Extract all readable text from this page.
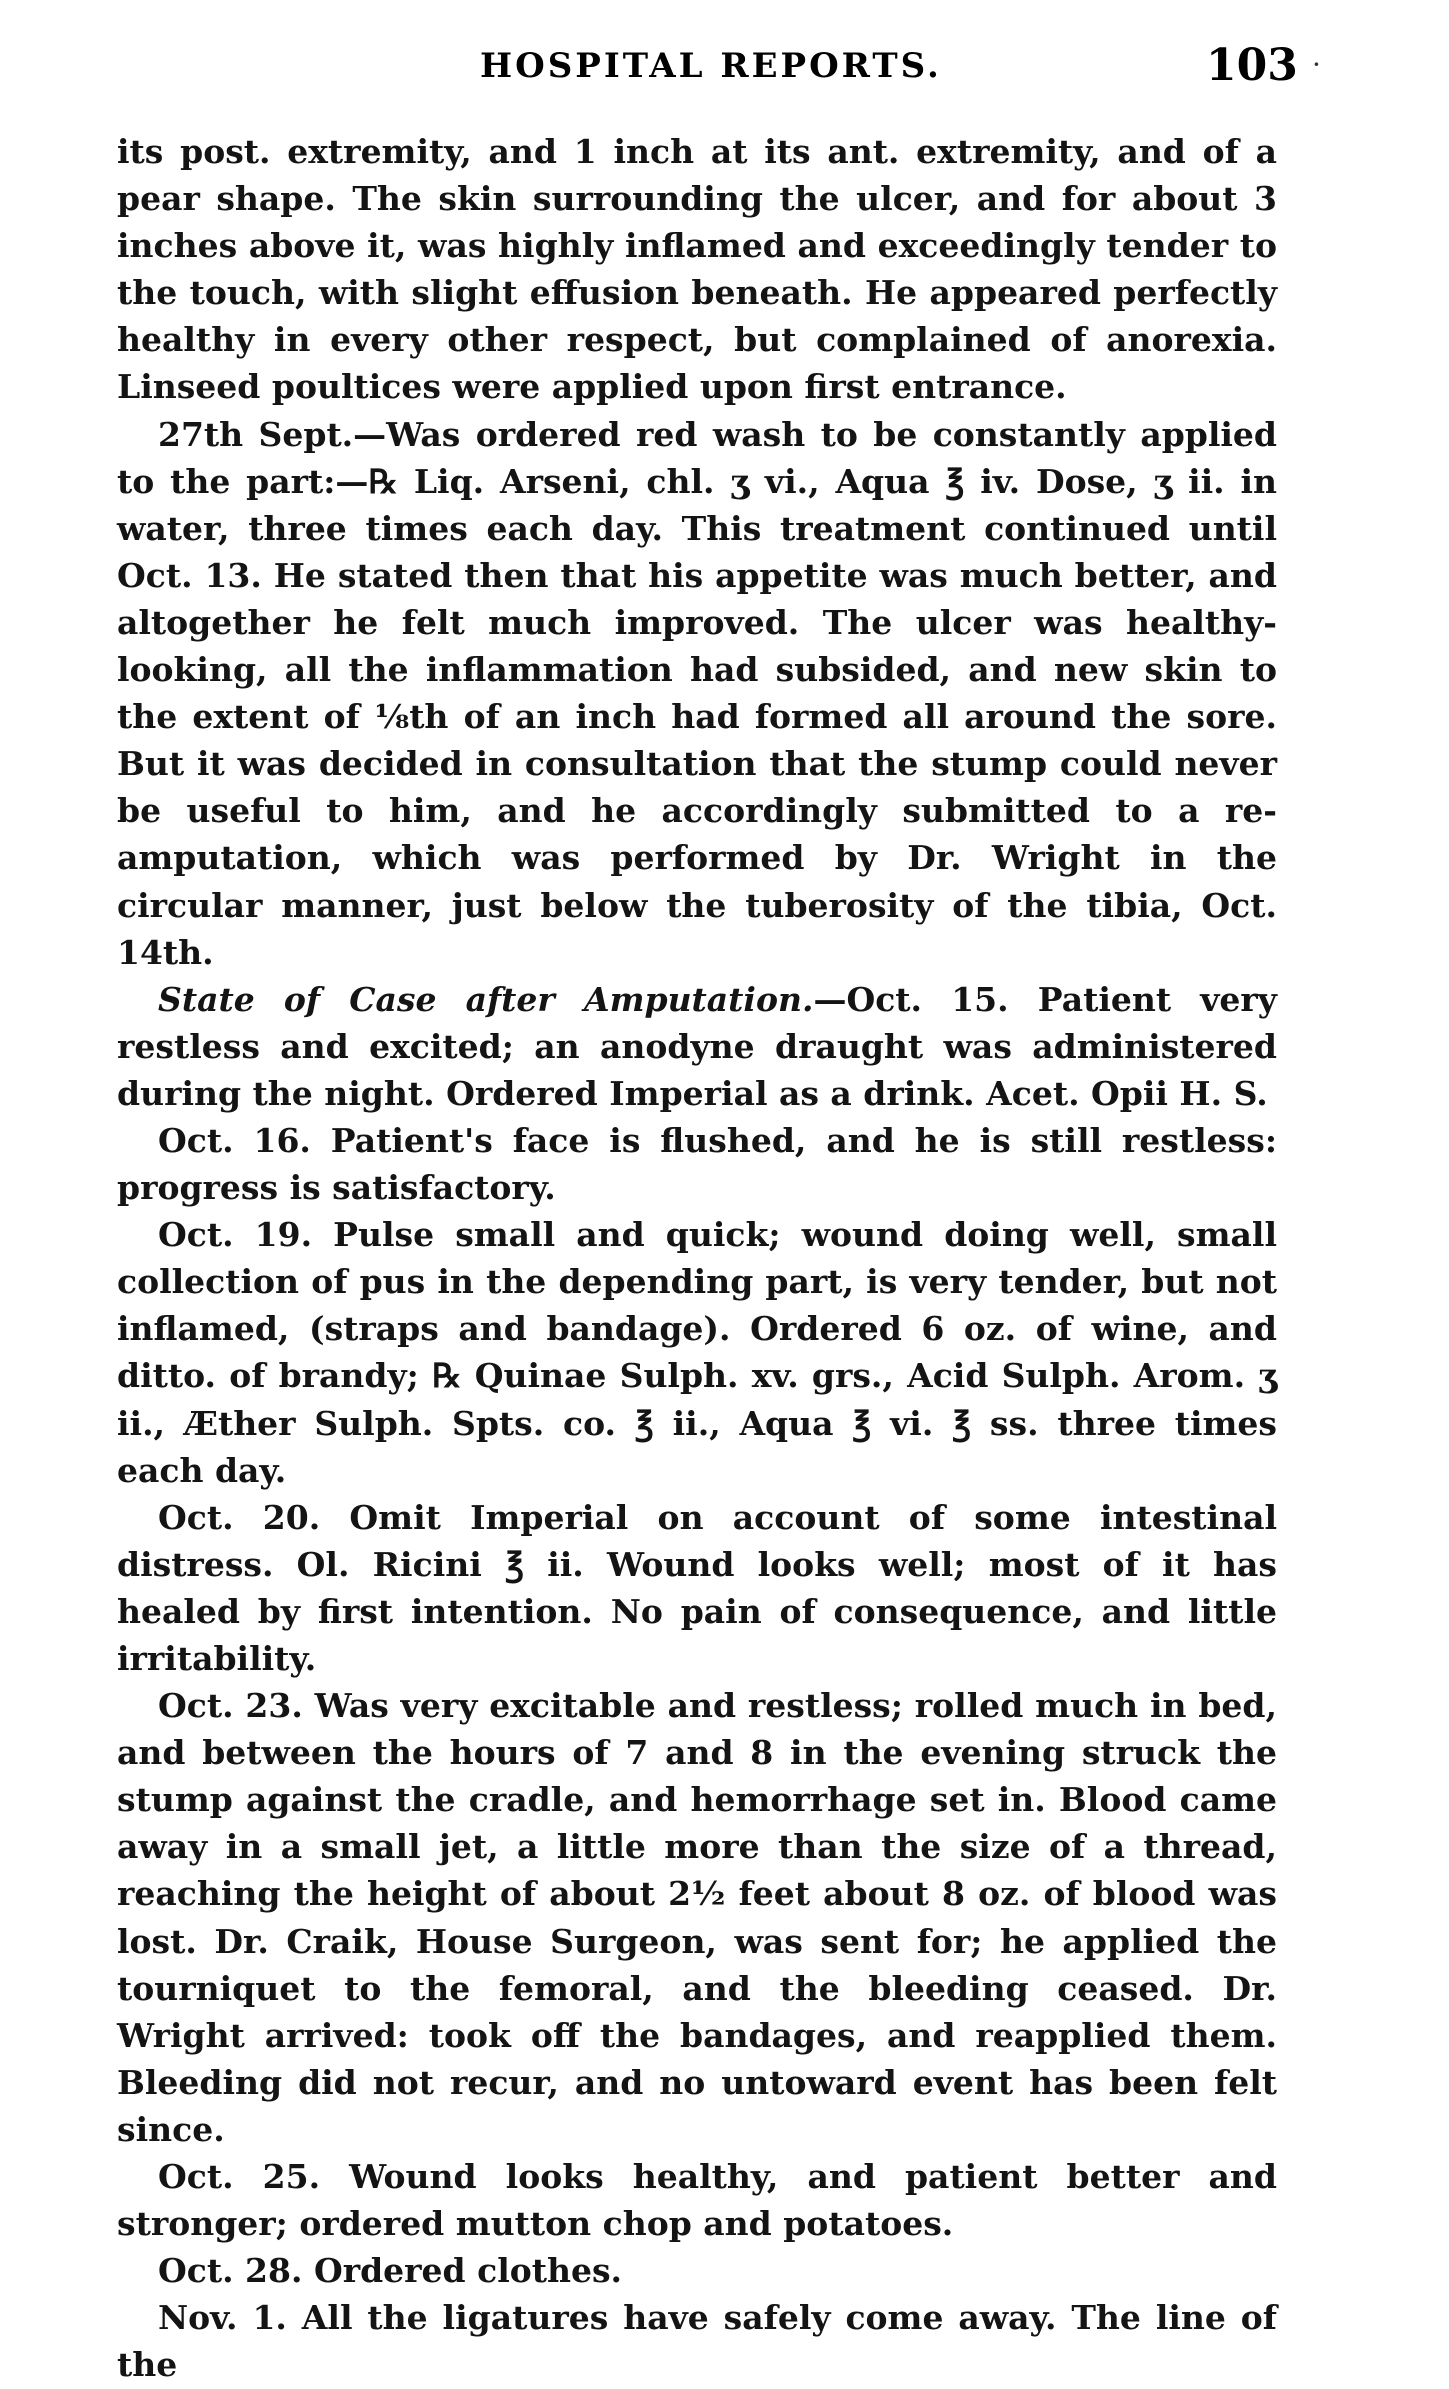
HOSPITAL REPORTS.	103 ·

its post. extremity, and 1 inch at its ant. extremity, and of a pear shape. The skin surrounding the ulcer, and for about 3 inches above it, was highly inflamed and exceedingly tender to the touch, with slight effusion beneath. He appeared perfectly healthy in every other respect, but complained of anorexia. Linseed poultices were applied upon first entrance.

27th Sept.—Was ordered red wash to be constantly applied to the part:—℞ Liq. Arseni, chl. ʒ vi., Aqua ℥ iv. Dose, ʒ ii. in water, three times each day. This treatment continued until Oct. 13. He stated then that his appetite was much better, and altogether he felt much improved. The ulcer was healthy-looking, all the inflammation had subsided, and new skin to the extent of ⅛th of an inch had formed all around the sore. But it was decided in consultation that the stump could never be useful to him, and he accordingly submitted to a re-amputation, which was performed by Dr. Wright in the circular manner, just below the tuberosity of the tibia, Oct. 14th.

State of Case after Amputation.—Oct. 15. Patient very restless and excited; an anodyne draught was administered during the night. Ordered Imperial as a drink. Acet. Opii H. S.

Oct. 16. Patient's face is flushed, and he is still restless: progress is satisfactory.

Oct. 19. Pulse small and quick; wound doing well, small collection of pus in the depending part, is very tender, but not inflamed, (straps and bandage). Ordered 6 oz. of wine, and ditto. of brandy; ℞ Quinae Sulph. xv. grs., Acid Sulph. Arom. ʒ ii., Æther Sulph. Spts. co. ℥ ii., Aqua ℥ vi. ℥ ss. three times each day.

Oct. 20. Omit Imperial on account of some intestinal distress. Ol. Ricini ℥ ii. Wound looks well; most of it has healed by first intention. No pain of consequence, and little irritability.

Oct. 23. Was very excitable and restless; rolled much in bed, and between the hours of 7 and 8 in the evening struck the stump against the cradle, and hemorrhage set in. Blood came away in a small jet, a little more than the size of a thread, reaching the height of about 2½ feet about 8 oz. of blood was lost. Dr. Craik, House Surgeon, was sent for; he applied the tourniquet to the femoral, and the bleeding ceased. Dr. Wright arrived: took off the bandages, and reapplied them. Bleeding did not recur, and no untoward event has been felt since.

Oct. 25. Wound looks healthy, and patient better and stronger; ordered mutton chop and potatoes.

Oct. 28. Ordered clothes.

Nov. 1. All the ligatures have safely come away. The line of the
